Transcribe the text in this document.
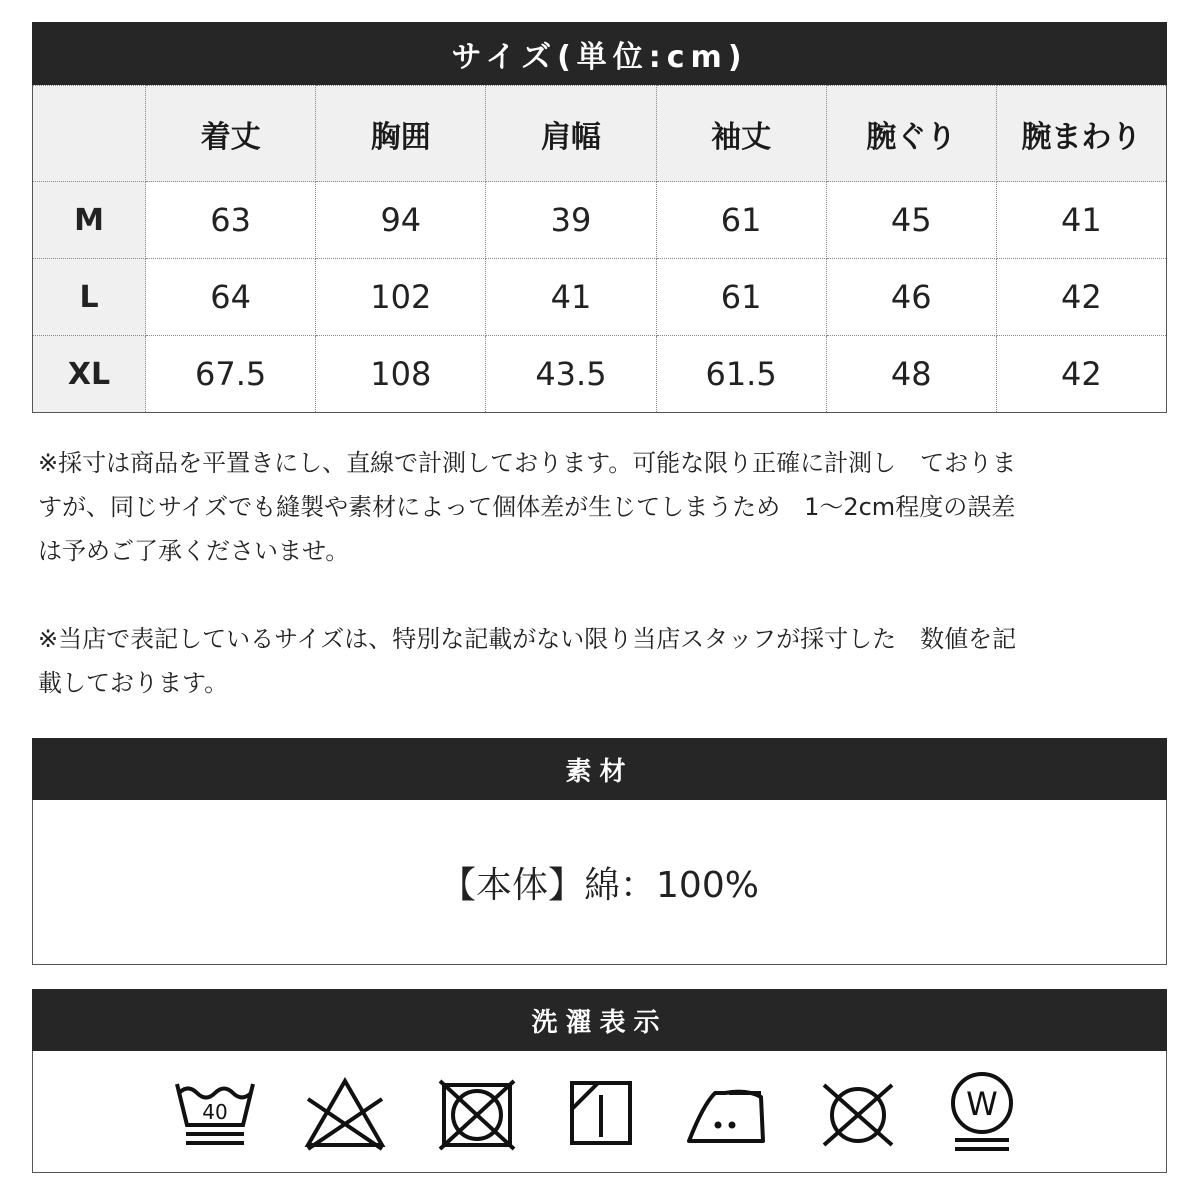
サイズ(単位:cm)
	着丈	胸囲	肩幅	袖丈	腕ぐり	腕まわり
M	63	94	39	61	45	41
L	64	102	41	61	46	42
XL	67.5	108	43.5	61.5	48	42
※採寸は商品を平置きにし、直線で計測しております。可能な限り正確に計測し　ておりま
すが、同じサイズでも縫製や素材によって個体差が生じてしまうため　1〜2cm程度の誤差
は予めご了承くださいませ。
※当店で表記しているサイズは、特別な記載がない限り当店スタッフが採寸した　数値を記
載しております。
素材
【本体】綿：100%
洗濯表示
40	W
